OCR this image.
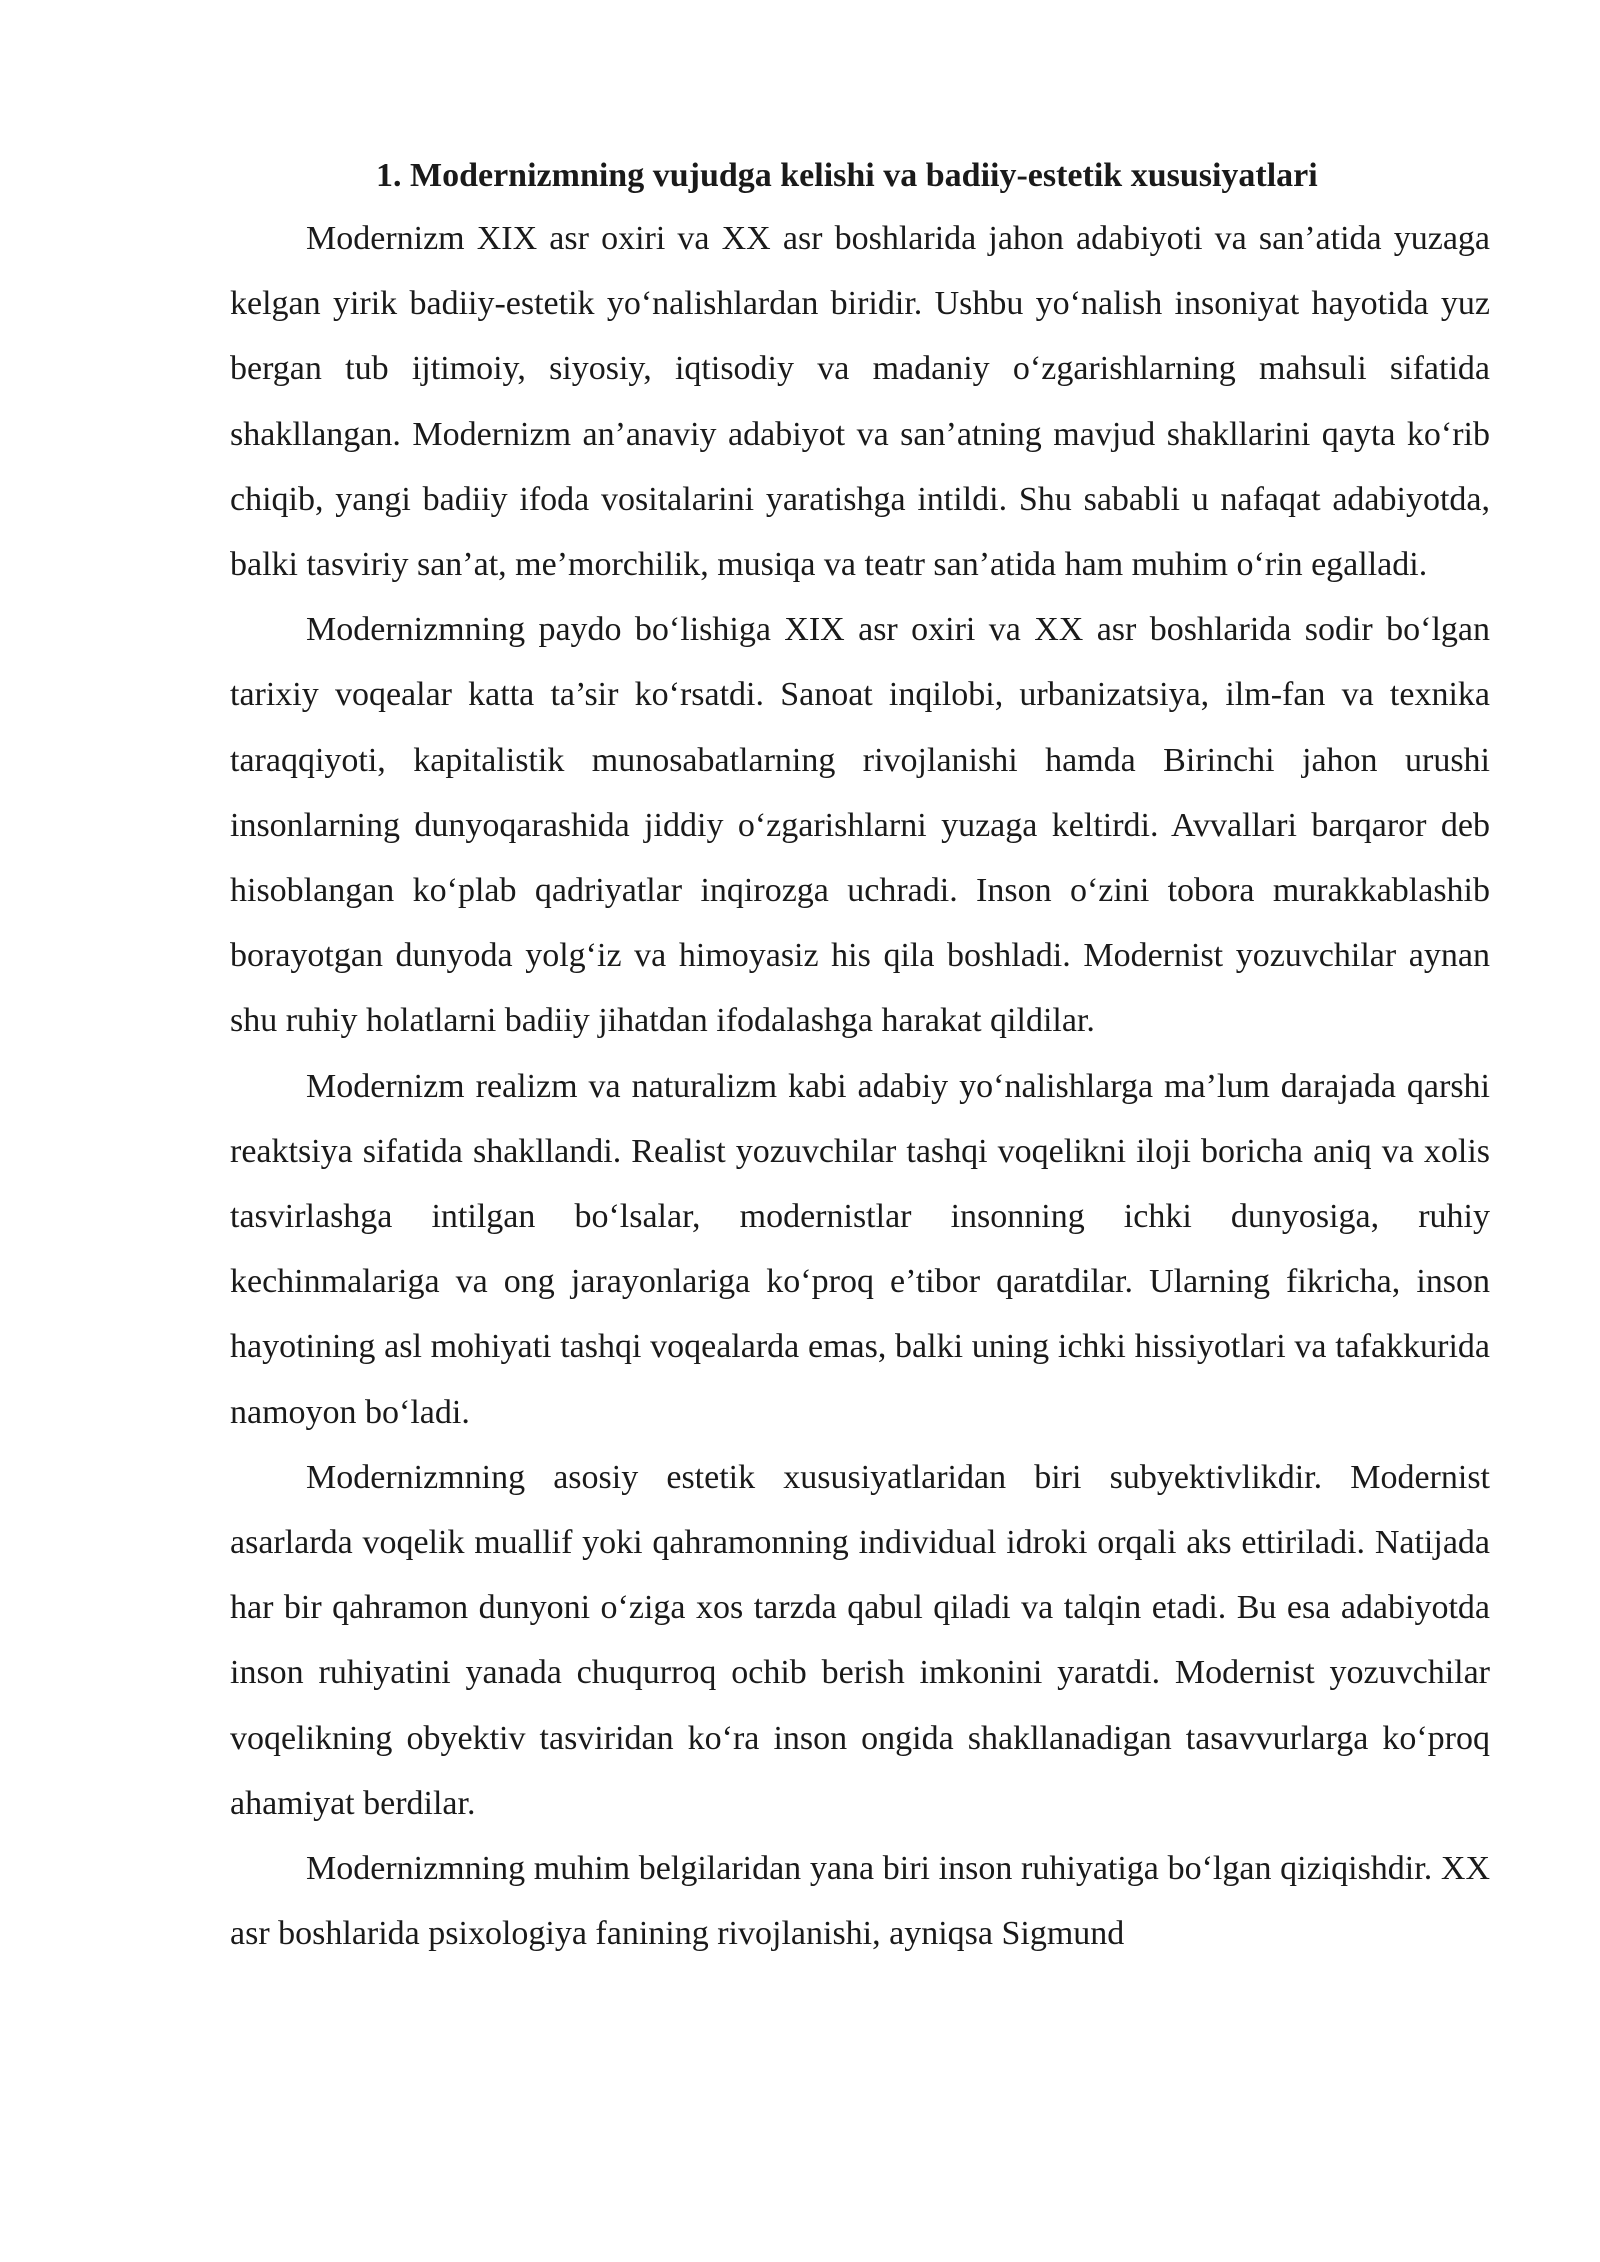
1. Modernizmning vujudga kelishi va badiiy-estetik xususiyatlari

Modernizm XIX asr oxiri va XX asr boshlarida jahon adabiyoti va san’atida yuzaga kelgan yirik badiiy-estetik yo‘nalishlardan biridir. Ushbu yo‘nalish insoniyat hayotida yuz bergan tub ijtimoiy, siyosiy, iqtisodiy va madaniy o‘zgarishlarning mahsuli sifatida shakllangan. Modernizm an’anaviy adabiyot va san’atning mavjud shakllarini qayta ko‘rib chiqib, yangi badiiy ifoda vositalarini yaratishga intildi. Shu sababli u nafaqat adabiyotda, balki tasviriy san’at, me’morchilik, musiqa va teatr san’atida ham muhim o‘rin egalladi.

Modernizmning paydo bo‘lishiga XIX asr oxiri va XX asr boshlarida sodir bo‘lgan tarixiy voqealar katta ta’sir ko‘rsatdi. Sanoat inqilobi, urbanizatsiya, ilm-fan va texnika taraqqiyoti, kapitalistik munosabatlarning rivojlanishi hamda Birinchi jahon urushi insonlarning dunyoqarashida jiddiy o‘zgarishlarni yuzaga keltirdi. Avvallari barqaror deb hisoblangan ko‘plab qadriyatlar inqirozga uchradi. Inson o‘zini tobora murakkablashib borayotgan dunyoda yolg‘iz va himoyasiz his qila boshladi. Modernist yozuvchilar aynan shu ruhiy holatlarni badiiy jihatdan ifodalashga harakat qildilar.

Modernizm realizm va naturalizm kabi adabiy yo‘nalishlarga ma’lum darajada qarshi reaktsiya sifatida shakllandi. Realist yozuvchilar tashqi voqelikni iloji boricha aniq va xolis tasvirlashga intilgan bo‘lsalar, modernistlar insonning ichki dunyosiga, ruhiy kechinmalariga va ong jarayonlariga ko‘proq e’tibor qaratdilar. Ularning fikricha, inson hayotining asl mohiyati tashqi voqealarda emas, balki uning ichki hissiyotlari va tafakkurida namoyon bo‘ladi.

Modernizmning asosiy estetik xususiyatlaridan biri subyektivlikdir. Modernist asarlarda voqelik muallif yoki qahramonning individual idroki orqali aks ettiriladi. Natijada har bir qahramon dunyoni o‘ziga xos tarzda qabul qiladi va talqin etadi. Bu esa adabiyotda inson ruhiyatini yanada chuqurroq ochib berish imkonini yaratdi. Modernist yozuvchilar voqelikning obyektiv tasviridan ko‘ra inson ongida shakllanadigan tasavvurlarga ko‘proq ahamiyat berdilar.

Modernizmning muhim belgilaridan yana biri inson ruhiyatiga bo‘lgan qiziqishdir. XX asr boshlarida psixologiya fanining rivojlanishi, ayniqsa Sigmund
